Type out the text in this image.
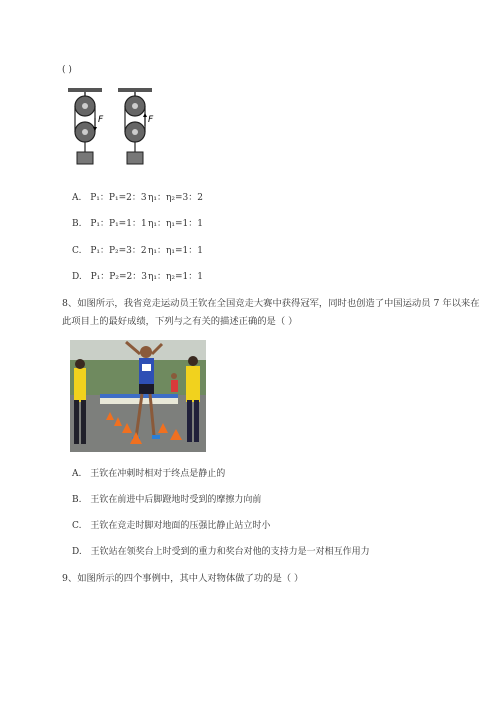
( )
F	F
A. P₁：P₁=2：3 η₁：η₂=3：2
B. P₁：P₁=1：1 η₁：η₁=1：1
C. P₁：P₂=3：2 η₁：η₁=1：1
D. P₁：P₂=2：3 η₁：η₂=1：1
8、如图所示，我省竞走运动员王钦在全国竞走大赛中获得冠军，同时也创造了中国运动员 7 年以来在
此项目上的最好成绩，下列与之有关的描述正确的是（ ）
A. 王钦在冲刺时相对于终点是静止的
B. 王钦在前进中后脚蹬地时受到的摩擦力向前
C. 王钦在竞走时脚对地面的压强比静止站立时小
D. 王钦站在领奖台上时受到的重力和奖台对他的支持力是一对相互作用力
9、如图所示的四个事例中，其中人对物体做了功的是（ ）
